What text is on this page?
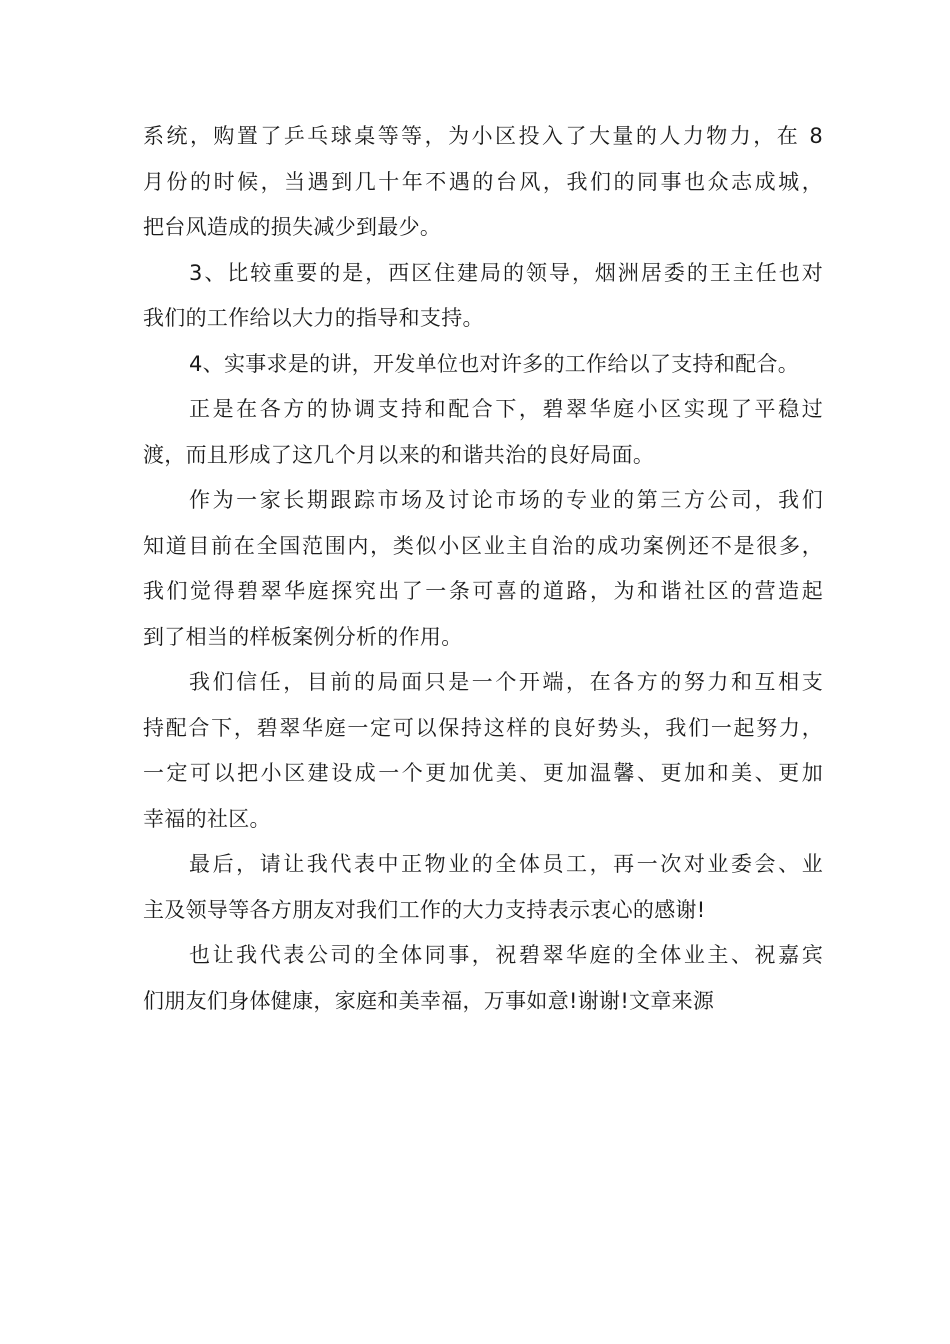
系统，购置了乒乓球桌等等，为小区投入了大量的人力物力，在 8
月份的时候，当遇到几十年不遇的台风，我们的同事也众志成城，
把台风造成的损失减少到最少。
3、比较重要的是，西区住建局的领导，烟洲居委的王主任也对
我们的工作给以大力的指导和支持。
4、实事求是的讲，开发单位也对许多的工作给以了支持和配合。
正是在各方的协调支持和配合下，碧翠华庭小区实现了平稳过
渡，而且形成了这几个月以来的和谐共治的良好局面。
作为一家长期跟踪市场及讨论市场的专业的第三方公司，我们
知道目前在全国范围内，类似小区业主自治的成功案例还不是很多，
我们觉得碧翠华庭探究出了一条可喜的道路，为和谐社区的营造起
到了相当的样板案例分析的作用。
我们信任，目前的局面只是一个开端，在各方的努力和互相支
持配合下，碧翠华庭一定可以保持这样的良好势头，我们一起努力，
一定可以把小区建设成一个更加优美、更加温馨、更加和美、更加
幸福的社区。
最后，请让我代表中正物业的全体员工，再一次对业委会、业
主及领导等各方朋友对我们工作的大力支持表示衷心的感谢!
也让我代表公司的全体同事，祝碧翠华庭的全体业主、祝嘉宾
们朋友们身体健康，家庭和美幸福，万事如意!谢谢!文章来源
